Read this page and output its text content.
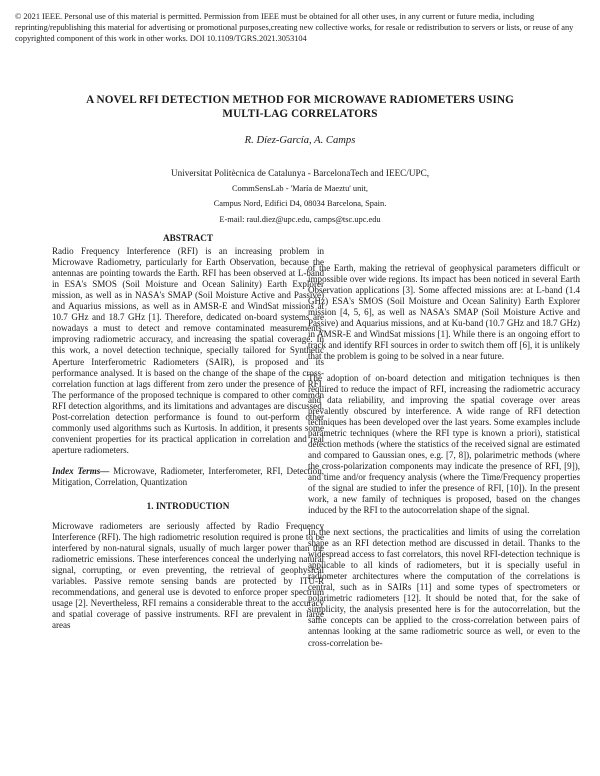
© 2021 IEEE. Personal use of this material is permitted. Permission from IEEE must be obtained for all other uses, in any current or future media, including reprinting/republishing this material for advertising or promotional purposes,creating new collective works, for resale or redistribution to servers or lists, or reuse of any copyrighted component of this work in other works. DOI 10.1109/TGRS.2021.3053104
A NOVEL RFI DETECTION METHOD FOR MICROWAVE RADIOMETERS USING
MULTI-LAG CORRELATORS
R. Díez-García, A. Camps
Universitat Politècnica de Catalunya - BarcelonaTech and IEEC/UPC,
CommSensLab - 'María de Maeztu' unit,
Campus Nord, Edifici D4, 08034 Barcelona, Spain.
E-mail: raul.diez@upc.edu, camps@tsc.upc.edu
ABSTRACT

Radio Frequency Interference (RFI) is an increasing problem in Microwave Radiometry, particularly for Earth Observation, because the antennas are pointing towards the Earth. RFI has been observed at L-band in ESA's SMOS (Soil Moisture and Ocean Salinity) Earth Explorer mission, as well as in NASA's SMAP (Soil Moisture Active and Passive) and Aquarius missions, as well as in AMSR-E and WindSat missions at 10.7 GHz and 18.7 GHz [1]. Therefore, dedicated on-board systems are nowadays a must to detect and remove contaminated measurements, improving radiometric accuracy, and increasing the spatial coverage. In this work, a novel detection technique, specially tailored for Synthetic Aperture Interferometric Radiometers (SAIR), is proposed and its performance analysed. It is based on the change of the shape of the cross-correlation function at lags different from zero under the presence of RFI. The performance of the proposed technique is compared to other common RFI detection algorithms, and its limitations and advantages are discussed. Post-correlation detection performance is found to out-perform other commonly used algorithms such as Kurtosis. In addition, it presents some convenient properties for its practical application in correlation and real aperture radiometers.

Index Terms— Microwave, Radiometer, Interferometer, RFI, Detection, Mitigation, Correlation, Quantization

1. INTRODUCTION

Microwave radiometers are seriously affected by Radio Frequency Interference (RFI). The high radiometric resolution required is prone to be interfered by non-natural signals, usually of much larger power than the radiometric emissions. These interferences conceal the underlying natural signal, corrupting, or even preventing, the retrieval of geophysical variables. Passive remote sensing bands are protected by ITU-R recommendations, and general use is devoted to enforce proper spectrum usage [2]. Nevertheless, RFI remains a considerable threat to the accuracy and spatial coverage of passive instruments. RFI are prevalent in large areas

of the Earth, making the retrieval of geophysical parameters difficult or impossible over wide regions. Its impact has been noticed in several Earth Observation applications [3]. Some affected missions are: at L-band (1.4 GHz) ESA's SMOS (Soil Moisture and Ocean Salinity) Earth Explorer mission [4, 5, 6], as well as NASA's SMAP (Soil Moisture Active and Passive) and Aquarius missions, and at Ku-band (10.7 GHz and 18.7 GHz) in AMSR-E and WindSat missions [1]. While there is an ongoing effort to track and identify RFI sources in order to switch them off [6], it is unlikely that the problem is going to be solved in a near future.

The adoption of on-board detection and mitigation techniques is then required to reduce the impact of RFI, increasing the radiometric accuracy and data reliability, and improving the spatial coverage over areas prevalently obscured by interference. A wide range of RFI detection techniques has been developed over the last years. Some examples include parametric techniques (where the RFI type is known a priori), statistical detection methods (where the statistics of the received signal are estimated and compared to Gaussian ones, e.g. [7, 8]), polarimetric methods (where the cross-polarization components may indicate the presence of RFI, [9]), and time and/or frequency analysis (where the Time/Frequency properties of the signal are studied to infer the presence of RFI, [10]). In the present work, a new family of techniques is proposed, based on the changes induced by the RFI to the autocorrelation shape of the signal.

In the next sections, the practicalities and limits of using the correlation shape as an RFI detection method are discussed in detail. Thanks to the widespread access to fast correlators, this novel RFI-detection technique is applicable to all kinds of radiometers, but it is specially useful in radiometer architectures where the computation of the correlations is central, such as in SAIRs [11] and some types of spectrometers or polarimetric radiometers [12]. It should be noted that, for the sake of simplicity, the analysis presented here is for the autocorrelation, but the same concepts can be applied to the cross-correlation between pairs of antennas looking at the same radiometric source as well, or even to the cross-correlation be-
